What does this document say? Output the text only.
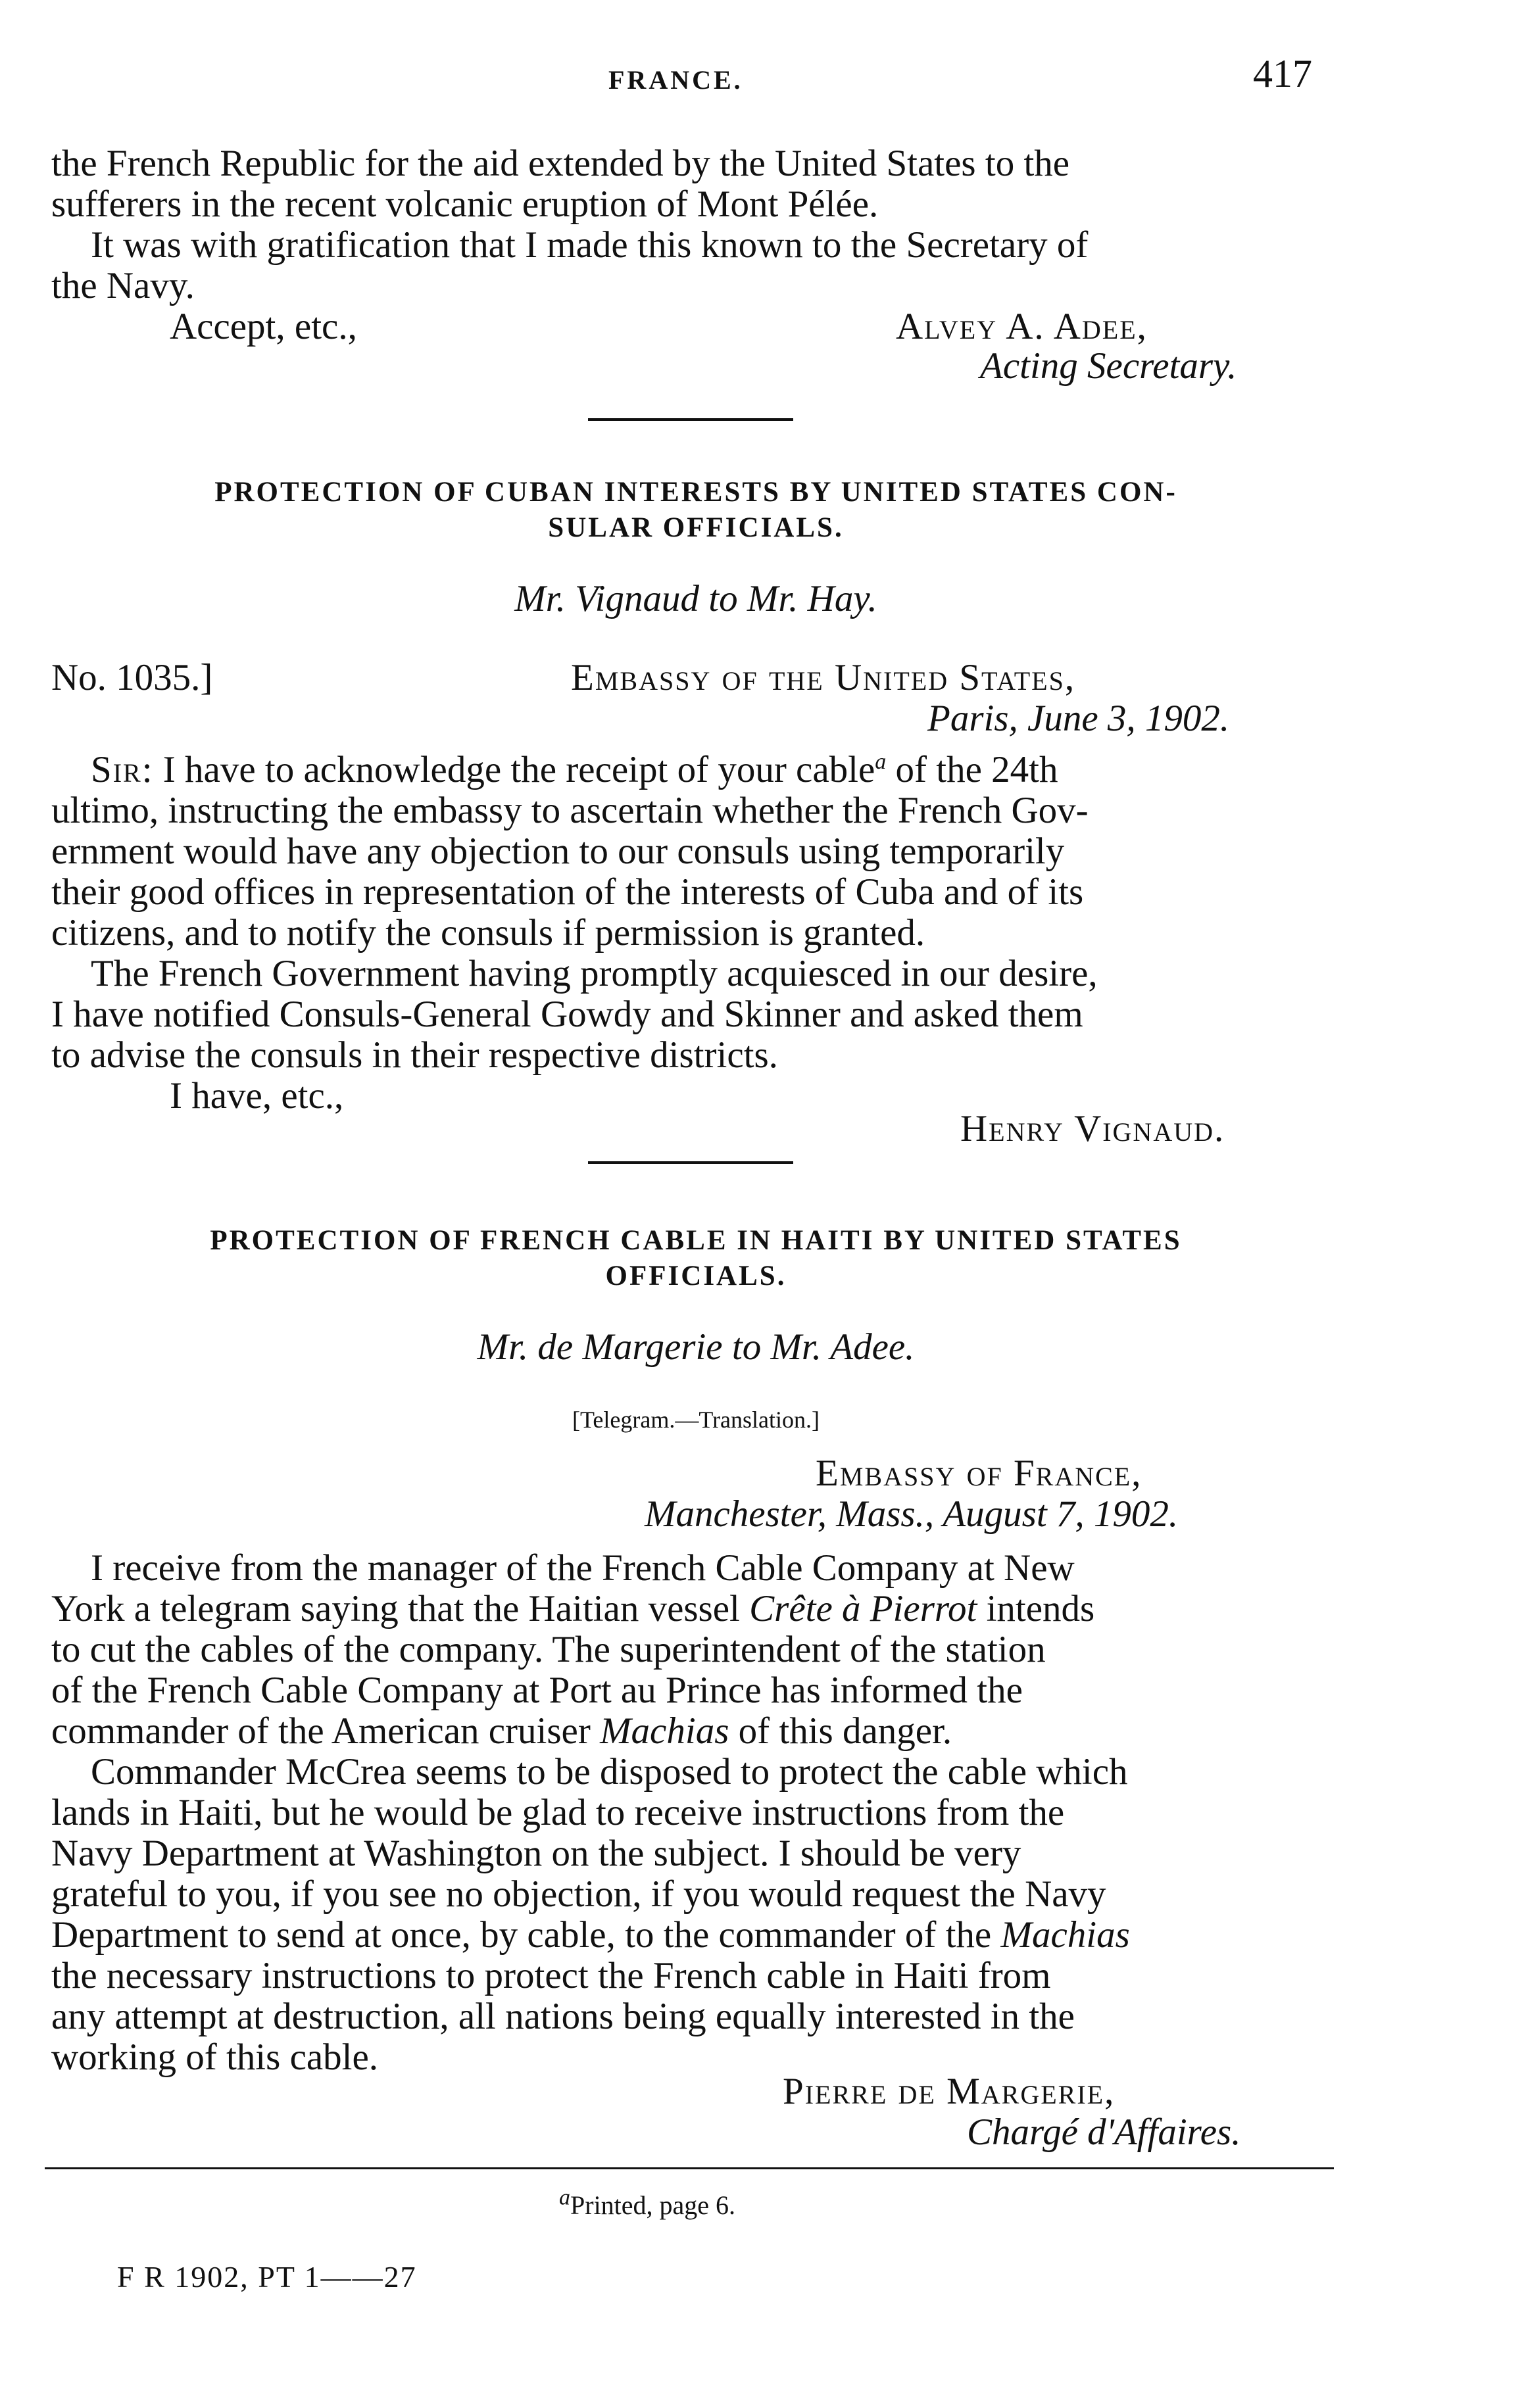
FRANCE.	417
the French Republic for the aid extended by the United States to the
sufferers in the recent volcanic eruption of Mont Pélée.
It was with gratification that I made this known to the Secretary of
the Navy.
Accept, etc.,	Alvey A. Adee,
Acting Secretary.
PROTECTION OF CUBAN INTERESTS BY UNITED STATES CON-
SULAR OFFICIALS.
Mr. Vignaud to Mr. Hay.
No. 1035.]	Embassy of the United States,
Paris, June 3, 1902.
Sir: I have to acknowledge the receipt of your cable$^a$ of the 24th
ultimo, instructing the embassy to ascertain whether the French Gov-
ernment would have any objection to our consuls using temporarily
their good offices in representation of the interests of Cuba and of its
citizens, and to notify the consuls if permission is granted.
The French Government having promptly acquiesced in our desire,
I have notified Consuls-General Gowdy and Skinner and asked them
to advise the consuls in their respective districts.
I have, etc.,
Henry Vignaud.
PROTECTION OF FRENCH CABLE IN HAITI BY UNITED STATES
OFFICIALS.
Mr. de Margerie to Mr. Adee.
[Telegram.—Translation.]
Embassy of France,
Manchester, Mass., August 7, 1902.
I receive from the manager of the French Cable Company at New
York a telegram saying that the Haitian vessel Crête à Pierrot intends
to cut the cables of the company. The superintendent of the station
of the French Cable Company at Port au Prince has informed the
commander of the American cruiser Machias of this danger.
Commander McCrea seems to be disposed to protect the cable which
lands in Haiti, but he would be glad to receive instructions from the
Navy Department at Washington on the subject. I should be very
grateful to you, if you see no objection, if you would request the Navy
Department to send at once, by cable, to the commander of the Machias
the necessary instructions to protect the French cable in Haiti from
any attempt at destruction, all nations being equally interested in the
working of this cable.
Pierre de Margerie,
Chargé d'Affaires.
$^a$Printed, page 6.
F R 1902, PT 1——27
